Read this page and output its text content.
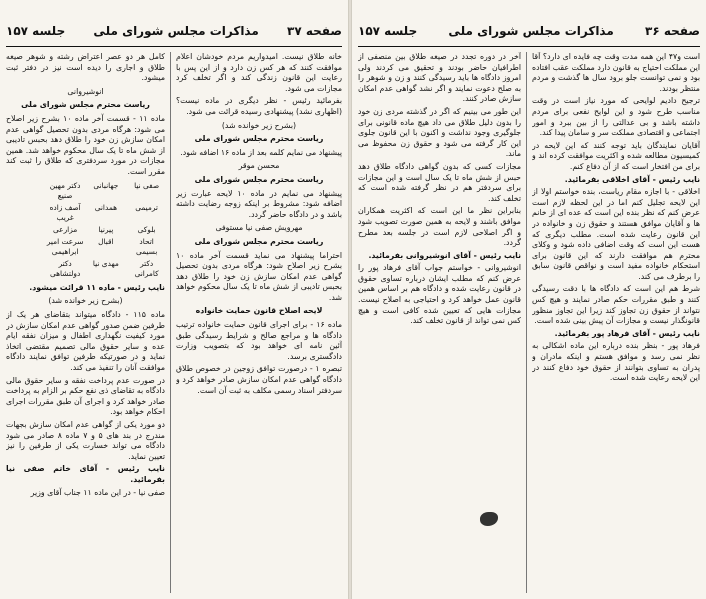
صفحه ۳۷
مذاکرات مجلس شورای ملی
جلسه ۱۵۷

خانه طلاق نیست. امیدواریم مردم خودشان اعلام موافقت کنند که هر کس زن دارد و از این پس با رعایت این قانون زندگی کند و اگر تخلف کرد مجازات می شود.

بفرمائید رئیس - نظر دیگری در ماده نیست؟ (اظهاری نشد) پیشنهادی رسیده قرائت می شود.

(بشرح زیر خوانده شد)

ریاست محترم مجلس شورای ملی

پیشنهاد می نمایم کلمه بعد از ماده ۱۶ اضافه شود.

محسن موقر

ریاست محترم مجلس شورای ملی

پیشنهاد می نمایم در ماده ۱۰ لایحه عبارت زیر اضافه شود: مشروط بر اینکه زوجه رضایت داشته باشد و در دادگاه حاضر گردد.

مهرویش صفی نیا مستوفی

ریاست محترم مجلس شورای ملی

احتراما پیشنهاد می نماید قسمت آخر ماده ۱۰ بشرح زیر اصلاح شود: هرگاه مردی بدون تحصیل گواهی عدم امکان سازش زن خود را طلاق دهد بحبس تادیبی از شش ماه تا یک سال محکوم خواهد شد.

لایحه اصلاح قانون حمایت خانواده

ماده ۱۶ - برای اجرای قانون حمایت خانواده ترتیب دادگاه ها و مراجع صالح و شرایط رسیدگی طبق آئین نامه ای خواهد بود که بتصویب وزارت دادگستری برسد.

تبصره ۱ - درصورت توافق زوجین در خصوص طلاق دادگاه گواهی عدم امکان سازش صادر خواهد کرد و سردفتر اسناد رسمی مکلف به ثبت آن است.

کامل هر دو عصر اعتراض رشته و شوهر صیغه طلاق و اجاری را دیده است نیز در دفتر ثبت میشود.

انوشیروانی

ریاست محترم مجلس شورای ملی

ماده ۱۱ - قسمت آخر ماده ۱۰ بشرح زیر اصلاح می شود: هرگاه مردی بدون تحصیل گواهی عدم امکان سازش زن خود را طلاق دهد بحبس تادیبی از شش ماه تا یک سال محکوم خواهد شد. همین مجازات در مورد سردفتری که طلاق را ثبت کند مقرر است.

صفی نیا
جهانبانی
دکتر مهین صنیع
ترمیمی
همدانی
آصف زاده غریب
بلوکی
پیرنیا
مزارعی
اتحاد بسیمی
اقبال
سرعت امیر ابراهیمی
دکتر کامرانی
مهدی نیا
دکتر دولتشاهی

نایب رئیس - ماده ۱۱ قرائت میشود.

(بشرح زیر خوانده شد)

ماده ۱۱۵ - دادگاه میتواند بتقاضای هر یک از طرفین ضمن صدور گواهی عدم امکان سازش در مورد کیفیت نگهداری اطفال و میزان نفقه ایام عده و سایر حقوق مالی تصمیم مقتضی اتخاذ نماید و در صورتیکه طرفین توافق نمایند دادگاه موافقت آنان را تنفیذ می کند.

در صورت عدم پرداخت نفقه و سایر حقوق مالی دادگاه به تقاضای ذی نفع حکم بر الزام به پرداخت صادر خواهد کرد و اجرای آن طبق مقررات اجرای احکام خواهد بود.

دو مورد یکی از گواهی عدم امکان سازش بجهات مندرج در بند های ۵ و ۷ ماده ۸ صادر می شود دادگاه می تواند خسارت یکی از طرفین را نیز تعیین نماید.

نایب رئیس - آقای خاتم صفی نیا بفرمائید.

صفی نیا - در این ماده ۱۱ جناب آقای وزیر

صفحه ۳۶
مذاکرات مجلس شورای ملی
جلسه ۱۵۷

است و۴۷ این همه مدت وقت چه فایده ای دارد؟ آقا این مملکت احتیاج به قانون دارد مملکت عقب افتاده بود و نمی توانست جلو برود سال ها گذشت و مردم منتظر بودند.

ترجیح دادیم لوایحی که مورد نیاز است در وقت مناسب طرح شود و این لوایح نفعی برای مردم داشته باشد و بی عدالتی را از بین ببرد و امور اجتماعی و اقتصادی مملکت سر و سامان پیدا کند.

آقایان نمایندگان باید توجه کنند که این لایحه در کمیسیون مطالعه شده و اکثریت موافقت کرده اند و برای من افتخار است که از آن دفاع کنم.

نایب رئیس - آقای اخلاقی بفرمائید.

اخلاقی - با اجازه مقام ریاست، بنده خواستم اولا از این لایحه تجلیل کنم اما در این لحظه لازم است عرض کنم که نظر بنده این است که عده ای از خانم ها و آقایان موافق هستند و حقوق زن و خانواده در این قانون رعایت شده است. مطلب دیگری که هست این است که وقت اضافی داده شود و وکلای محترم هم موافقت دارند که این قانون برای استحکام خانواده مفید است و نواقص قانون سابق را برطرف می کند.

شرط هم این است که دادگاه ها با دقت رسیدگی کنند و طبق مقررات حکم صادر نمایند و هیچ کس نتواند از حقوق زن تجاوز کند زیرا این تجاوز منظور قانونگذار نیست و مجازات آن پیش بینی شده است.

نایب رئیس - آقای فرهاد پور بفرمائید.

فرهاد پور - بنظر بنده درباره این ماده اشکالی به نظر نمی رسد و موافق هستم و اینکه مادران و پدران به تساوی بتوانند از حقوق خود دفاع کنند در این لایحه رعایت شده است.

آخر در دوره تجدد در صیغه طلاق بین منصفی از اطرافیان حاضر بودند و تحقیق می کردند ولی امروز دادگاه ها باید رسیدگی کنند و زن و شوهر را به صلح دعوت نمایند و اگر نشد گواهی عدم امکان سازش صادر کنند.

این طور می بینیم که اگر در گذشته مردی زن خود را بدون دلیل طلاق می داد هیچ ماده قانونی برای جلوگیری وجود نداشت و اکنون با این قانون جلوی این کار گرفته می شود و حقوق زن محفوظ می ماند.

مجازات کسی که بدون گواهی دادگاه طلاق دهد حبس از شش ماه تا یک سال است و این مجازات برای سردفتر هم در نظر گرفته شده است که تخلف کند.

بنابراین نظر ما این است که اکثریت همکاران موافق باشند و لایحه به همین صورت تصویب شود و اگر اصلاحی لازم است در جلسه بعد مطرح گردد.

نایب رئیس - آقای انوشیروانی بفرمائید.

انوشیروانی - خواستم جواب آقای فرهاد پور را عرض کنم که مطلب ایشان درباره تساوی حقوق در قانون رعایت شده و دادگاه هم بر اساس همین قانون عمل خواهد کرد و احتیاجی به اصلاح نیست. مجازات هایی که تعیین شده کافی است و هیچ کس نمی تواند از قانون تخلف کند.
